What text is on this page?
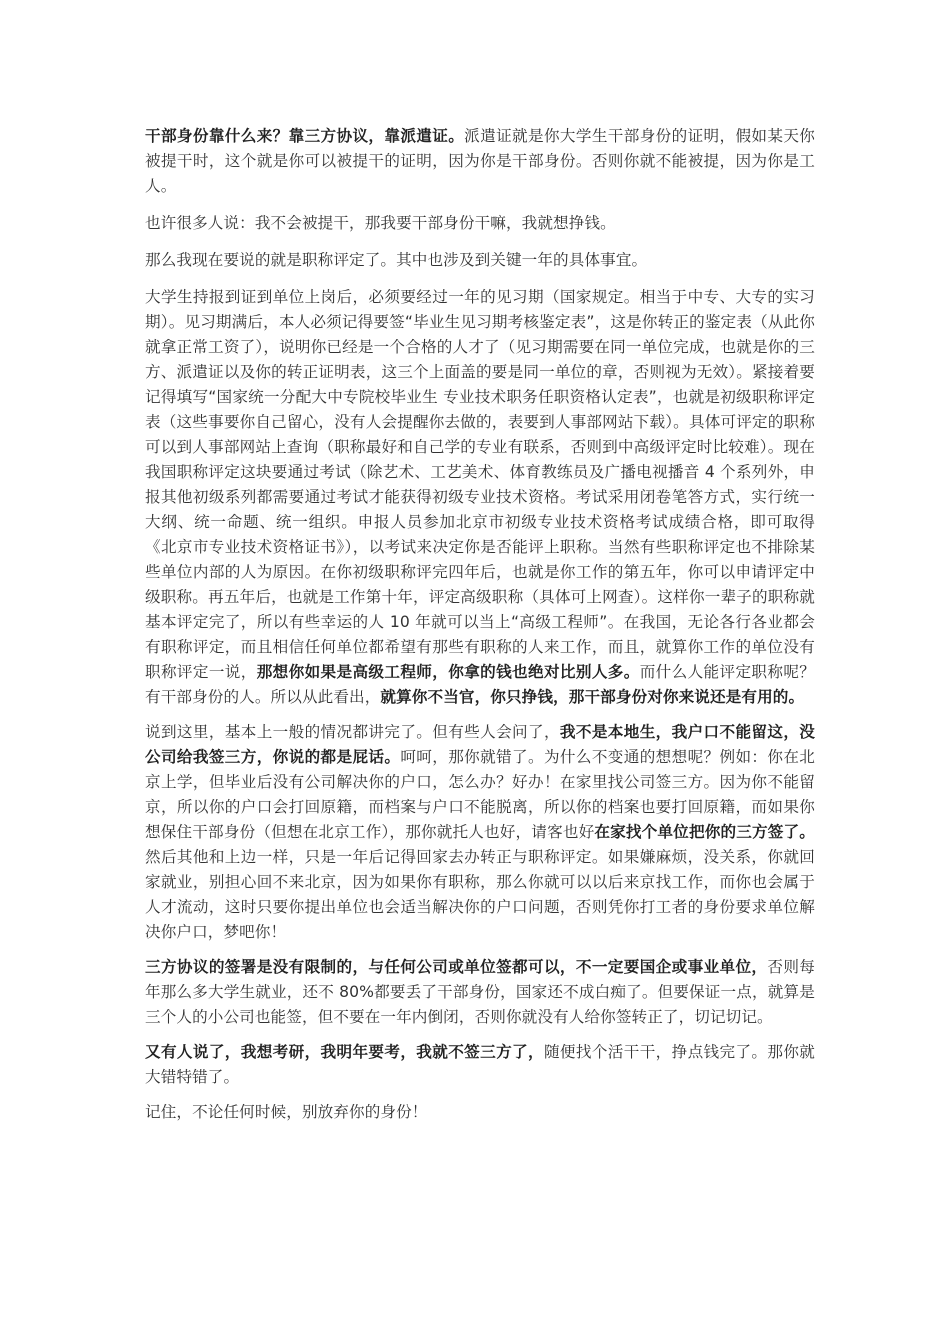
干部身份靠什么来？靠三方协议，靠派遣证。派遣证就是你大学生干部身份的证明，假如某天你被提干时，这个就是你可以被提干的证明，因为你是干部身份。否则你就不能被提，因为你是工人。

也许很多人说：我不会被提干，那我要干部身份干嘛，我就想挣钱。

那么我现在要说的就是职称评定了。其中也涉及到关键一年的具体事宜。

大学生持报到证到单位上岗后，必须要经过一年的见习期（国家规定。相当于中专、大专的实习期）。见习期满后，本人必须记得要签“毕业生见习期考核鉴定表”，这是你转正的鉴定表（从此你就拿正常工资了），说明你已经是一个合格的人才了（见习期需要在同一单位完成，也就是你的三方、派遣证以及你的转正证明表，这三个上面盖的要是同一单位的章，否则视为无效）。紧接着要记得填写“国家统一分配大中专院校毕业生 专业技术职务任职资格认定表”，也就是初级职称评定表（这些事要你自己留心，没有人会提醒你去做的，表要到人事部网站下载）。具体可评定的职称可以到人事部网站上查询（职称最好和自己学的专业有联系，否则到中高级评定时比较难）。现在我国职称评定这块要通过考试（除艺术、工艺美术、体育教练员及广播电视播音 4 个系列外，申报其他初级系列都需要通过考试才能获得初级专业技术资格。考试采用闭卷笔答方式，实行统一大纲、统一命题、统一组织。申报人员参加北京市初级专业技术资格考试成绩合格，即可取得《北京市专业技术资格证书》），以考试来决定你是否能评上职称。当然有些职称评定也不排除某些单位内部的人为原因。在你初级职称评完四年后，也就是你工作的第五年，你可以申请评定中级职称。再五年后，也就是工作第十年，评定高级职称（具体可上网查）。这样你一辈子的职称就基本评定完了，所以有些幸运的人 10 年就可以当上“高级工程师”。在我国，无论各行各业都会有职称评定，而且相信任何单位都希望有那些有职称的人来工作，而且，就算你工作的单位没有职称评定一说，那想你如果是高级工程师，你拿的钱也绝对比别人多。而什么人能评定职称呢？有干部身份的人。所以从此看出，就算你不当官，你只挣钱，那干部身份对你来说还是有用的。

说到这里，基本上一般的情况都讲完了。但有些人会问了，我不是本地生，我户口不能留这，没公司给我签三方，你说的都是屁话。呵呵，那你就错了。为什么不变通的想想呢？例如：你在北京上学，但毕业后没有公司解决你的户口，怎么办？好办！在家里找公司签三方。因为你不能留京，所以你的户口会打回原籍，而档案与户口不能脱离，所以你的档案也要打回原籍，而如果你想保住干部身份（但想在北京工作），那你就托人也好，请客也好在家找个单位把你的三方签了。然后其他和上边一样，只是一年后记得回家去办转正与职称评定。如果嫌麻烦，没关系，你就回家就业，别担心回不来北京，因为如果你有职称，那么你就可以以后来京找工作，而你也会属于人才流动，这时只要你提出单位也会适当解决你的户口问题，否则凭你打工者的身份要求单位解决你户口，梦吧你！

三方协议的签署是没有限制的，与任何公司或单位签都可以，不一定要国企或事业单位，否则每年那么多大学生就业，还不 80%都要丢了干部身份，国家还不成白痴了。但要保证一点，就算是三个人的小公司也能签，但不要在一年内倒闭，否则你就没有人给你签转正了，切记切记。

又有人说了，我想考研，我明年要考，我就不签三方了，随便找个活干干，挣点钱完了。那你就大错特错了。

记住，不论任何时候，别放弃你的身份！
